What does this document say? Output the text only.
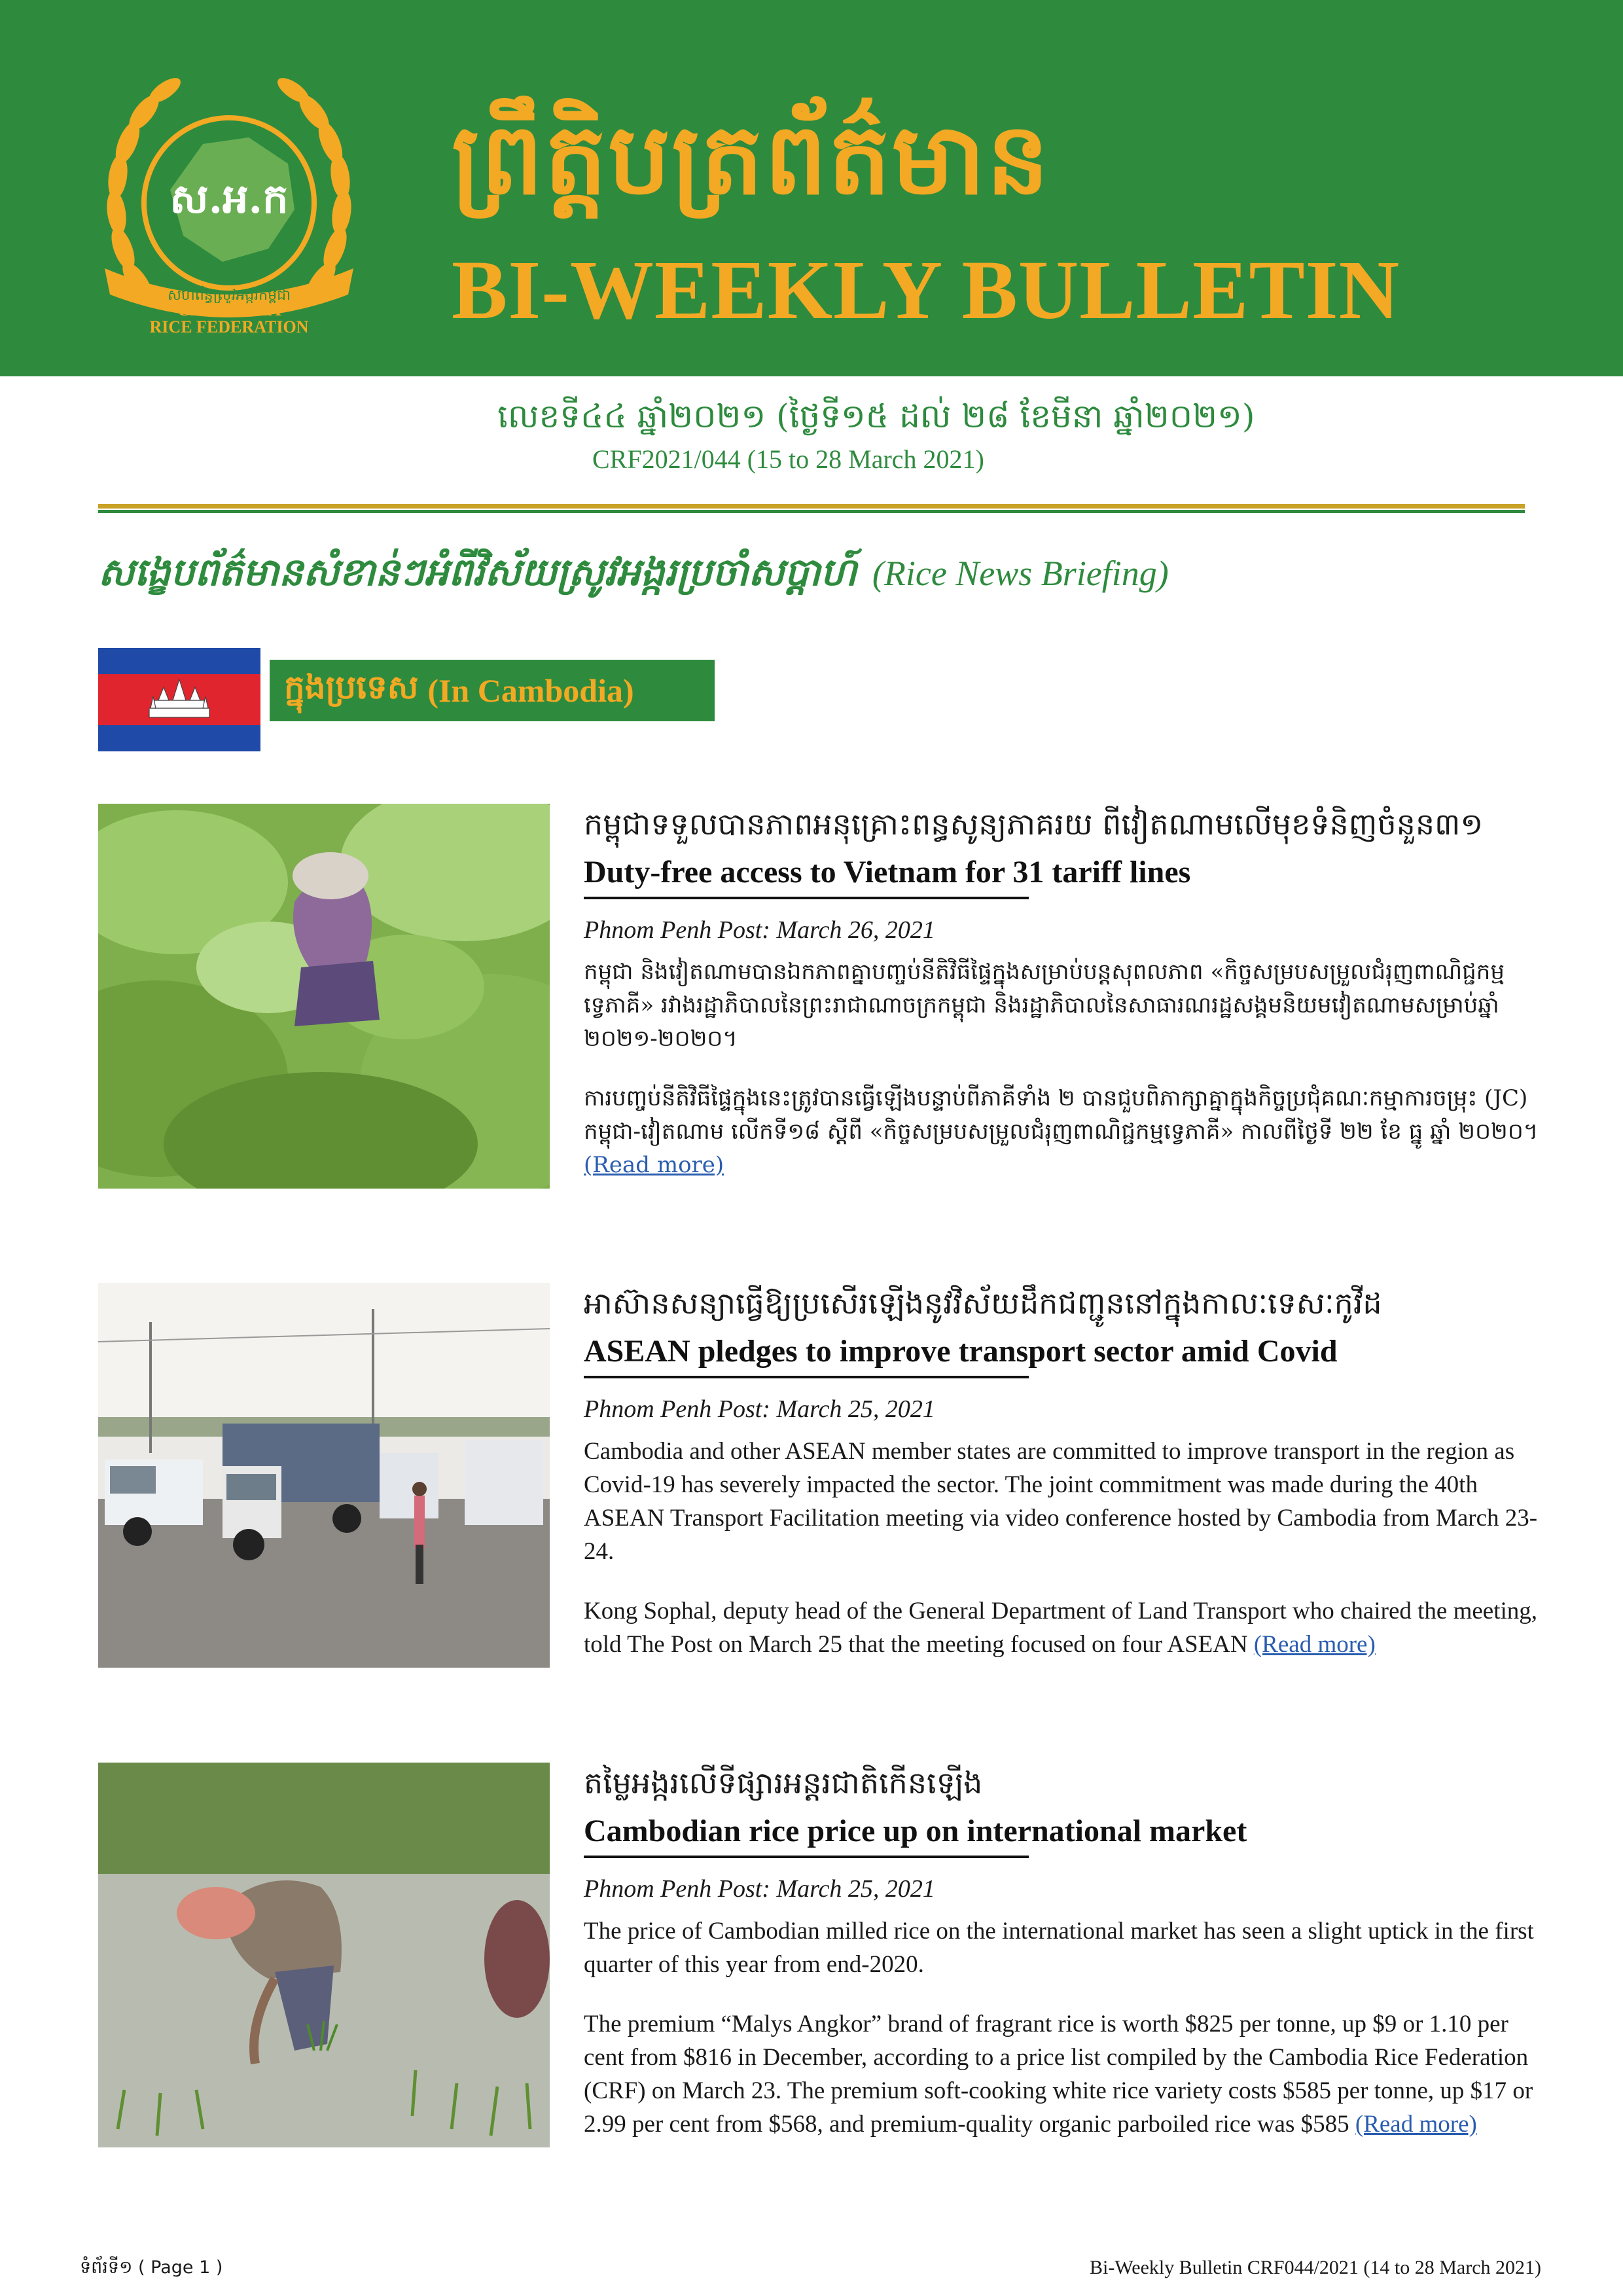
ស.អ.ក
សហព័ន្ធស្រូវអង្ករកម្ពុជា
CAMBODIA
RICE FEDERATION
ព្រឹត្តិបត្រព័ត៌មាន
BI-WEEKLY BULLETIN
លេខទី៤៤ ឆ្នាំ២០២១ (ថ្ងៃទី១៥ ដល់ ២៨ ខែមីនា ឆ្នាំ២០២១)
CRF2021/044 (15 to 28 March 2021)
សង្ខេបព័ត៌មានសំខាន់ៗអំពីវិស័យស្រូវអង្ករប្រចាំសប្ដាហ៍ (Rice News Briefing)
ក្នុងប្រទេស (In Cambodia)

កម្ពុជាទទួលបានភាពអនុគ្រោះពន្ធសូន្យភាគរយ ពីវៀតណាមលើមុខទំនិញចំនួន៣១

Duty-free access to Vietnam for 31 tariff lines

Phnom Penh Post: March 26, 2021

កម្ពុជា និងវៀតណាមបានឯកភាពគ្នាបញ្ចប់នីតិវិធីផ្ទៃក្នុងសម្រាប់បន្តសុពលភាព «កិច្ចសម្របសម្រួលជំរុញពាណិជ្ជកម្មទ្វេភាគី» រវាងរដ្ឋាភិបាលនៃព្រះរាជាណាចក្រកម្ពុជា និងរដ្ឋាភិបាលនៃសាធារណរដ្ឋសង្គមនិយមវៀតណាមសម្រាប់ឆ្នាំ ២០២១-២០២០។

ការបញ្ចប់នីតិវិធីផ្ទៃក្នុងនេះត្រូវបានធ្វើឡើងបន្ទាប់ពីភាគីទាំង ២ បានជួបពិភាក្សាគ្នាក្នុងកិច្ចប្រជុំគណៈកម្មាការចម្រុះ (JC) កម្ពុជា-វៀតណាម លើកទី១៨ ស្ដីពី «កិច្ចសម្របសម្រួលជំរុញពាណិជ្ជកម្មទ្វេភាគី» កាលពីថ្ងៃទី ២២ ខែ ធ្នូ ឆ្នាំ ២០២០។ (Read more)

អាស៊ានសន្យាធ្វើឱ្យប្រសើរឡើងនូវវិស័យដឹកជញ្ជូននៅក្នុងកាលៈទេសៈកូវីដ

ASEAN pledges to improve transport sector amid Covid

Phnom Penh Post: March 25, 2021

Cambodia and other ASEAN member states are committed to improve transport in the region as Covid-19 has severely impacted the sector. The joint commitment was made during the 40th ASEAN Transport Facilitation meeting via video conference hosted by Cambodia from March 23-24.

Kong Sophal, deputy head of the General Department of Land Transport who chaired the meeting, told The Post on March 25 that the meeting focused on four ASEAN (Read more)

តម្លៃអង្ករលើទីផ្សារអន្តរជាតិកើនឡើង

Cambodian rice price up on international market

Phnom Penh Post: March 25, 2021

The price of Cambodian milled rice on the international market has seen a slight uptick in the first quarter of this year from end-2020.

The premium “Malys Angkor” brand of fragrant rice is worth $825 per tonne, up $9 or 1.10 per cent from $816 in December, according to a price list compiled by the Cambodia Rice Federation (CRF) on March 23. The premium soft-cooking white rice variety costs $585 per tonne, up $17 or 2.99 per cent from $568, and premium-quality organic parboiled rice was $585 (Read more)

ទំព័រទី១ ( Page 1 )	Bi-Weekly Bulletin CRF044/2021 (14 to 28 March 2021)
